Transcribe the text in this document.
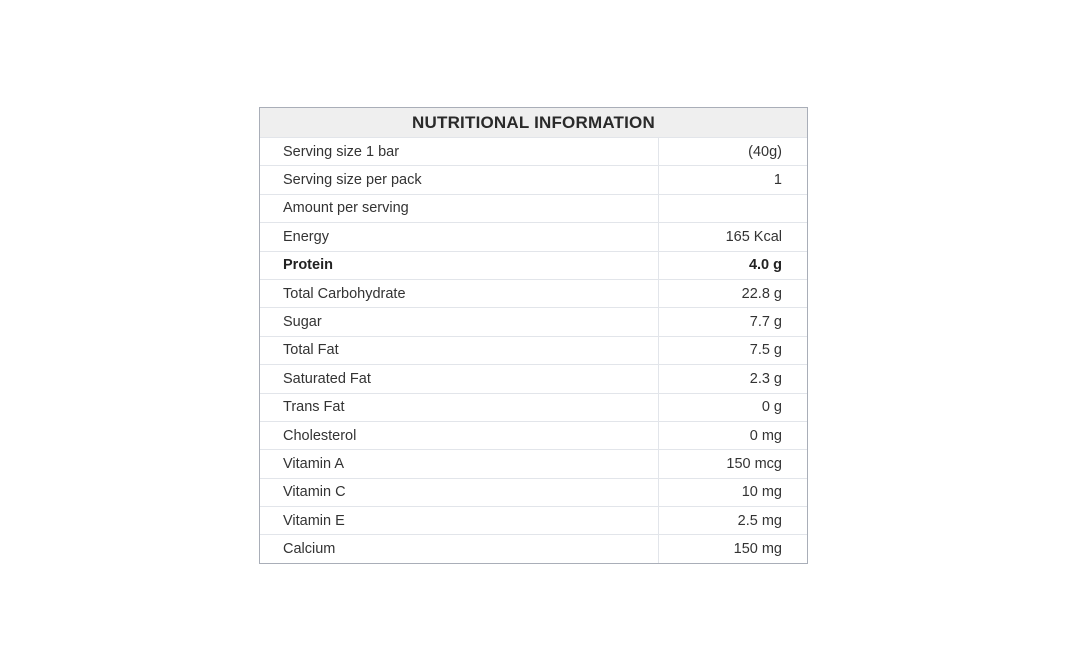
NUTRITIONAL INFORMATION
Serving size 1 bar	(40g)
Serving size per pack	1
Amount per serving	
Energy	165 Kcal
Protein	4.0 g
Total Carbohydrate	22.8 g
Sugar	7.7 g
Total Fat	7.5 g
Saturated Fat	2.3 g
Trans Fat	0 g
Cholesterol	0 mg
Vitamin A	150 mcg
Vitamin C	10 mg
Vitamin E	2.5 mg
Calcium	150 mg
